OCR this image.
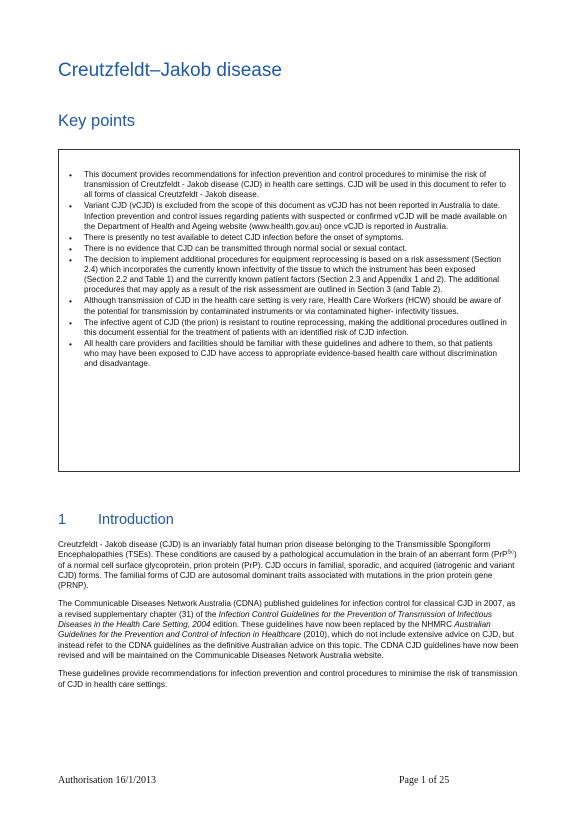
Creutzfeldt–Jakob disease
Key points
• This document provides recommendations for infection prevention and control procedures to minimise the risk of transmission of Creutzfeldt - Jakob disease (CJD) in health care settings. CJD will be used in this document to refer to all forms of classical Creutzfeldt - Jakob disease.
• Variant CJD (vCJD) is excluded from the scope of this document as vCJD has not been reported in Australia to date. Infection prevention and control issues regarding patients with suspected or confirmed vCJD will be made available on the Department of Health and Ageing website (www.health.gov.au) once vCJD is reported in Australia.
• There is presently no test available to detect CJD infection before the onset of symptoms.
• There is no evidence that CJD can be transmitted through normal social or sexual contact.
• The decision to implement additional procedures for equipment reprocessing is based on a risk assessment (Section 2.4) which incorporates the currently known infectivity of the tissue to which the instrument has been exposed (Section 2.2 and Table 1) and the currently known patient factors (Section 2.3 and Appendix 1 and 2). The additional procedures that may apply as a result of the risk assessment are outlined in Section 3 (and Table 2).
• Although transmission of CJD in the health care setting is very rare, Health Care Workers (HCW) should be aware of the potential for transmission by contaminated instruments or via contaminated higher- infectivity tissues.
• The infective agent of CJD (the prion) is resistant to routine reprocessing, making the additional procedures outlined in this document essential for the treatment of patients with an identified risk of CJD infection.
• All health care providers and facilities should be familiar with these guidelines and adhere to them, so that patients who may have been exposed to CJD have access to appropriate evidence-based health care without discrimination and disadvantage.
1 Introduction

Creutzfeldt - Jakob disease (CJD) is an invariably fatal human prion disease belonging to the Transmissible Spongiform Encephalopathies (TSEs). These conditions are caused by a pathological accumulation in the brain of an aberrant form (PrP$^{Sc}$) of a normal cell surface glycoprotein, prion protein (PrP). CJD occurs in familial, sporadic, and acquired (iatrogenic and variant CJD) forms. The familial forms of CJD are autosomal dominant traits associated with mutations in the prion protein gene (PRNP).

The Communicable Diseases Network Australia (CDNA) published guidelines for infection control for classical CJD in 2007, as a revised supplementary chapter (31) of the Infection Control Guidelines for the Prevention of Transmission of Infectious Diseases in the Health Care Setting, 2004 edition. These guidelines have now been replaced by the NHMRC Australian Guidelines for the Prevention and Control of Infection in Healthcare (2010), which do not include extensive advice on CJD, but instead refer to the CDNA guidelines as the definitive Australian advice on this topic. The CDNA CJD guidelines have now been revised and will be maintained on the Communicable Diseases Network Australia website.

These guidelines provide recommendations for infection prevention and control procedures to minimise the risk of transmission of CJD in health care settings.

Authorisation 16/1/2013	Page 1 of 25
